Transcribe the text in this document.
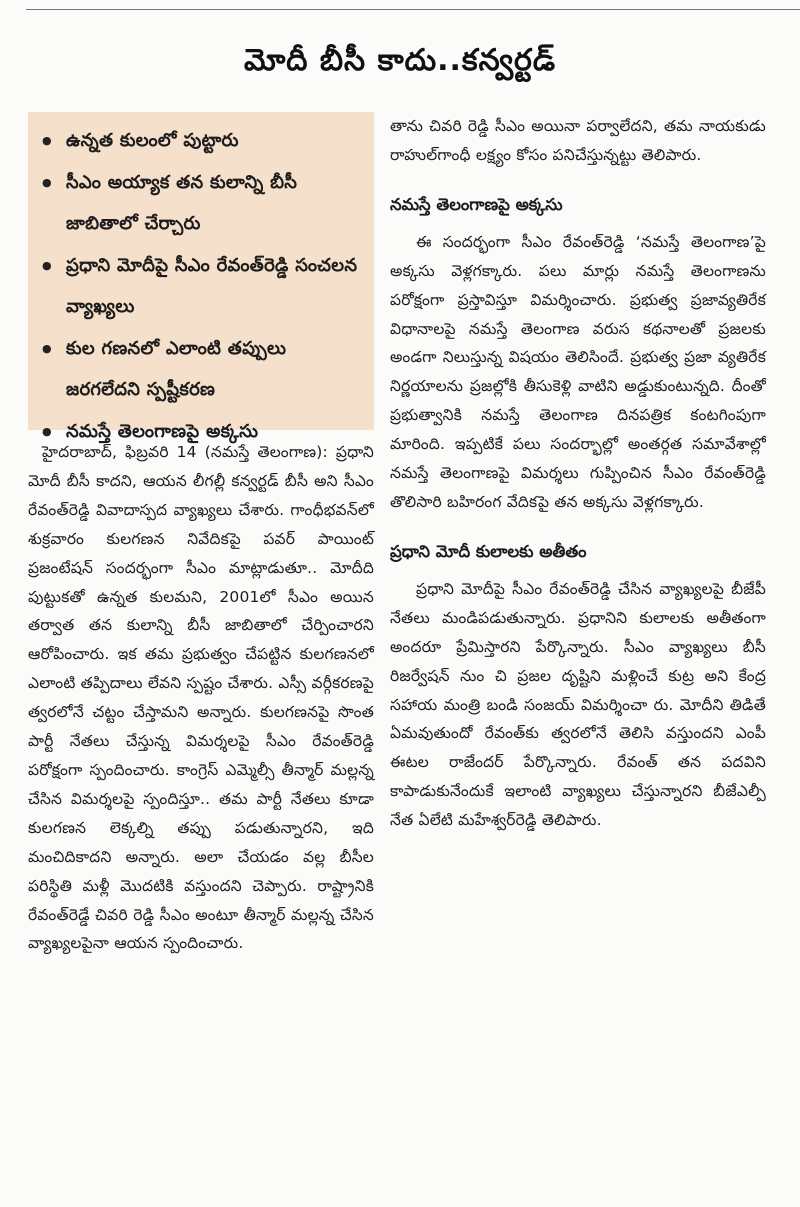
మోదీ బీసీ కాదు..కన్వర్టడ్
● ఉన్నత కులంలో పుట్టారు
● సీఎం అయ్యాక తన కులాన్ని బీసీ జాబితాలో చేర్చారు
● ప్రధాని మోదీపై సీఎం రేవంత్‌రెడ్డి సంచలన వ్యాఖ్యలు
● కుల గణనలో ఎలాంటి తప్పులు జరగలేదని స్పష్టీకరణ
● నమస్తే తెలంగాణపై అక్కసు

హైదరాబాద్, ఫిబ్రవరి 14 (నమస్తే తెలంగాణ): ప్రధాని మోదీ బీసీ కాదని, ఆయన లీగల్లీ కన్వర్టడ్ బీసీ అని సీఎం రేవంత్‌రెడ్డి వివాదాస్పద వ్యాఖ్యలు చేశారు. గాంధీభవన్‌లో శుక్రవారం కులగణన నివేదికపై పవర్ పాయింట్ ప్రజంటేషన్ సందర్భంగా సీఎం మాట్లాడుతూ.. మోదీది పుట్టుకతో ఉన్నత కులమని, 2001లో సీఎం అయిన తర్వాత తన కులాన్ని బీసీ జాబితాలో చేర్పించారని ఆరోపించారు. ఇక తమ ప్రభుత్వం చేపట్టిన కులగణనలో ఎలాంటి తప్పిదాలు లేవని స్పష్టం చేశారు. ఎస్సీ వర్గీకరణపై త్వరలోనే చట్టం చేస్తామని అన్నారు. కులగణనపై సొంత పార్టీ నేతలు చేస్తున్న విమర్శలపై సీఎం రేవంత్‌రెడ్డి పరోక్షంగా స్పందించారు. కాంగ్రెస్ ఎమ్మెల్సీ తీన్మార్ మల్లన్న చేసిన విమర్శలపై స్పందిస్తూ.. తమ పార్టీ నేతలు కూడా కులగణన లెక్కల్ని తప్పు పడుతున్నారని, ఇది మంచిదికాదని అన్నారు. అలా చేయడం వల్ల బీసీల పరిస్థితి మళ్లీ మొదటికి వస్తుందని చెప్పారు. రాష్ట్రానికి రేవంత్‌రెడ్డే చివరి రెడ్డి సీఎం అంటూ తీన్మార్ మల్లన్న చేసిన వ్యాఖ్యలపైనా ఆయన స్పందించారు.

తాను చివరి రెడ్డి సీఎం అయినా పర్వాలేదని, తమ నాయకుడు రాహుల్‌గాంధీ లక్ష్యం కోసం పనిచేస్తున్నట్టు తెలిపారు.

నమస్తే తెలంగాణపై అక్కసు

ఈ సందర్భంగా సీఎం రేవంత్‌రెడ్డి ‘నమస్తే తెలంగాణ’పై అక్కసు వెళ్లగక్కారు. పలు మార్లు నమస్తే తెలంగాణను పరోక్షంగా ప్రస్తావిస్తూ విమర్శించారు. ప్రభుత్వ ప్రజావ్యతిరేక విధానాలపై నమస్తే తెలంగాణ వరుస కథనాలతో ప్రజలకు అండగా నిలుస్తున్న విషయం తెలిసిందే. ప్రభుత్వ ప్రజా వ్యతిరేక నిర్ణయాలను ప్రజల్లోకి తీసుకెళ్లి వాటిని అడ్డుకుంటున్నది. దీంతో ప్రభుత్వానికి నమస్తే తెలంగాణ దినపత్రిక కంటగింపుగా మారింది. ఇప్పటికే పలు సందర్భాల్లో అంతర్గత సమావేశాల్లో నమస్తే తెలంగాణపై విమర్శలు గుప్పించిన సీఎం రేవంత్‌రెడ్డి తొలిసారి బహిరంగ వేదికపై తన అక్కసు వెళ్లగక్కారు.

ప్రధాని మోదీ కులాలకు అతీతం

ప్రధాని మోదీపై సీఎం రేవంత్‌రెడ్డి చేసిన వ్యాఖ్యలపై బీజేపీ నేతలు మండిపడుతున్నారు. ప్రధానిని కులాలకు అతీతంగా అందరూ ప్రేమిస్తారని పేర్కొన్నారు. సీఎం వ్యాఖ్యలు బీసీ రిజర్వేషన్ నుం చి ప్రజల దృష్టిని మళ్లించే కుట్ర అని కేంద్ర సహాయ మంత్రి బండి సంజయ్ విమర్శించా రు. మోదీని తిడితే ఏమవుతుందో రేవంత్‌కు త్వరలోనే తెలిసి వస్తుందని ఎంపీ ఈటల రాజేందర్ పేర్కొన్నారు. రేవంత్ తన పదవిని కాపాడుకునేందుకే ఇలాంటి వ్యాఖ్యలు చేస్తున్నారని బీజేఎల్పీ నేత ఏలేటి మహేశ్వర్‌రెడ్డి తెలిపారు.
